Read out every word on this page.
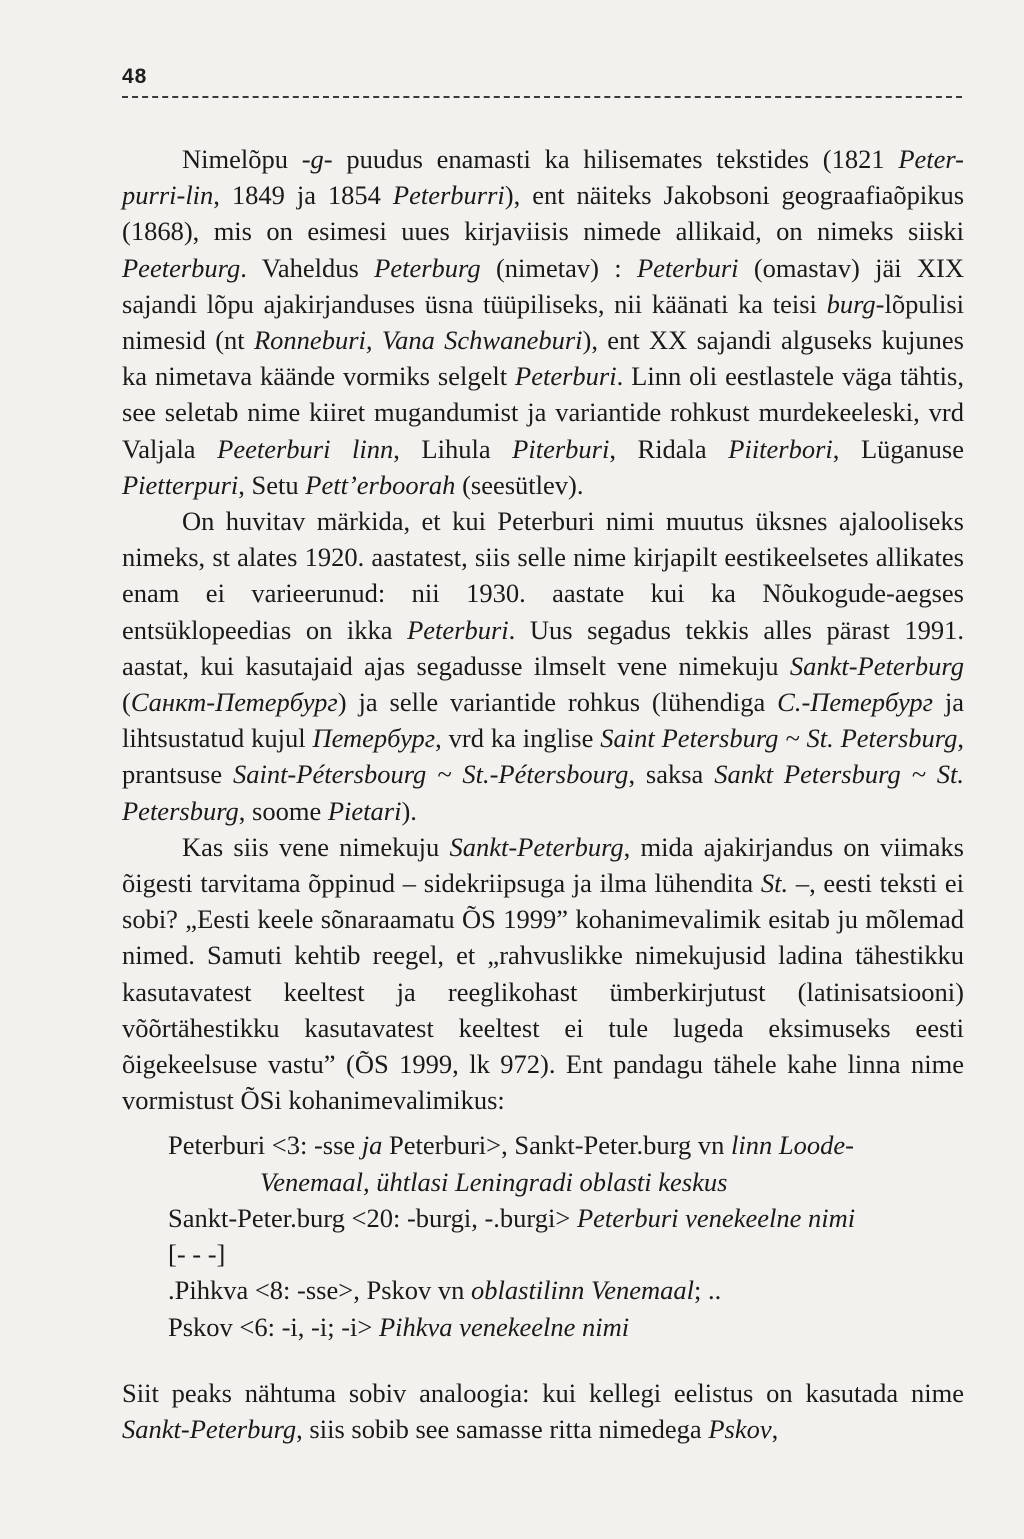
48

Nimelõpu -g- puudus enamasti ka hilisemates tekstides (1821 Peter-purri-lin, 1849 ja 1854 Peterburri), ent näiteks Jakobsoni geograafiaõpikus (1868), mis on esimesi uues kirjaviisis nimede allikaid, on nimeks siiski Peeterburg. Vaheldus Peterburg (nimetav) : Peterburi (omastav) jäi XIX sajandi lõpu ajakirjanduses üsna tüüpiliseks, nii käänati ka teisi burg-lõpulisi nimesid (nt Ronneburi, Vana Schwaneburi), ent XX sajandi alguseks kujunes ka nimetava käände vormiks selgelt Peterburi. Linn oli eestlastele väga tähtis, see seletab nime kiiret mugandumist ja variantide rohkust murdekeeleski, vrd Valjala Peeterburi linn, Lihula Piterburi, Ridala Piiterbori, Lüganuse Pietterpuri, Setu Pett’erboorah (seesütlev).

On huvitav märkida, et kui Peterburi nimi muutus üksnes ajalooliseks nimeks, st alates 1920. aastatest, siis selle nime kirjapilt eestikeelsetes allikates enam ei varieerunud: nii 1930. aastate kui ka Nõukogude-aegses entsüklopeedias on ikka Peterburi. Uus segadus tekkis alles pärast 1991. aastat, kui kasutajaid ajas segadusse ilmselt vene nimekuju Sankt-Peterburg (Санкт-Петербург) ja selle variantide rohkus (lühendiga С.-Петербург ja lihtsustatud kujul Петербург, vrd ka inglise Saint Petersburg ~ St. Petersburg, prantsuse Saint-Pétersbourg ~ St.-Pétersbourg, saksa Sankt Petersburg ~ St. Petersburg, soome Pietari).

Kas siis vene nimekuju Sankt-Peterburg, mida ajakirjandus on viimaks õigesti tarvitama õppinud – sidekriipsuga ja ilma lühendita St. –, eesti teksti ei sobi? „Eesti keele sõnaraamatu ÕS 1999” kohanimevalimik esitab ju mõlemad nimed. Samuti kehtib reegel, et „rahvuslikke nimekujusid ladina tähestikku kasutavatest keeltest ja reeglikohast ümberkirjutust (latinisatsiooni) võõrtähestikku kasutavatest keeltest ei tule lugeda eksimuseks eesti õigekeelsuse vastu” (ÕS 1999, lk 972). Ent pandagu tähele kahe linna nime vormistust ÕSi kohanimevalimikus:

Peterburi <3: -sse ja Peterburi>, Sankt-Peter.burg vn linn Loode-

Venemaal, ühtlasi Leningradi oblasti keskus

Sankt-Peter.burg <20: -burgi, -.burgi> Peterburi venekeelne nimi

[- - -]

.Pihkva <8: -sse>, Pskov vn oblastilinn Venemaal; ..

Pskov <6: -i, -i; -i> Pihkva venekeelne nimi

Siit peaks nähtuma sobiv analoogia: kui kellegi eelistus on kasutada nime Sankt-Peterburg, siis sobib see samasse ritta nimedega Pskov,
